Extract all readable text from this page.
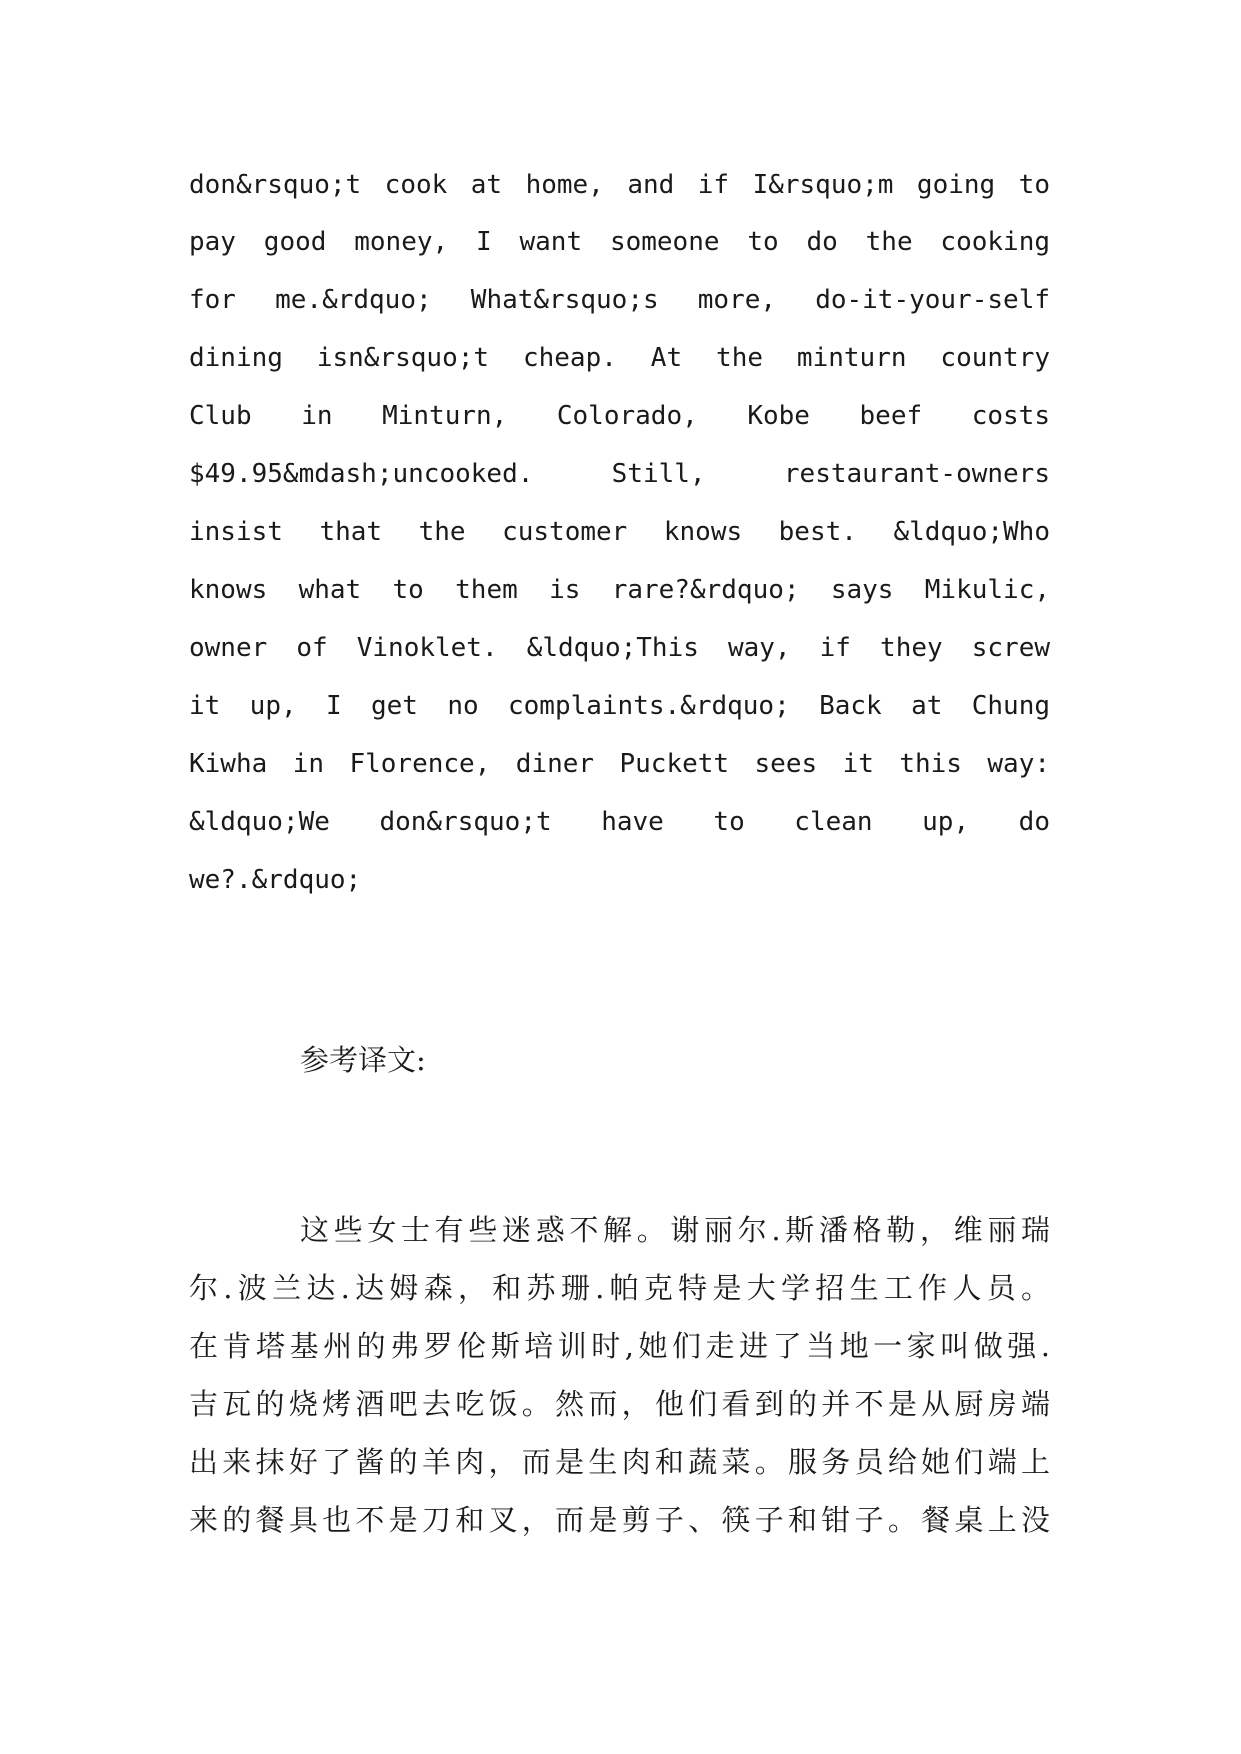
don&rsquo;t cook at home, and if I&rsquo;m going to
pay good money, I want someone to do the cooking
for me.&rdquo; What&rsquo;s more, do-it-your-self
dining isn&rsquo;t cheap. At the minturn country
Club in Minturn, Colorado, Kobe beef costs
$49.95&mdash;uncooked. Still, restaurant-owners
insist that the customer knows best. &ldquo;Who
knows what to them is rare?&rdquo; says Mikulic,
owner of Vinoklet. &ldquo;This way, if they screw
it up, I get no complaints.&rdquo; Back at Chung
Kiwha in Florence, diner Puckett sees it this way:
&ldquo;We don&rsquo;t have to clean up, do
we?.&rdquo;
参考译文:
这些女士有些迷惑不解。谢丽尔.斯潘格勒，维丽瑞
尔.波兰达.达姆森，和苏珊.帕克特是大学招生工作人员。
在肯塔基州的弗罗伦斯培训时,她们走进了当地一家叫做强.
吉瓦的烧烤酒吧去吃饭。然而，他们看到的并不是从厨房端
出来抹好了酱的羊肉，而是生肉和蔬菜。服务员给她们端上
来的餐具也不是刀和叉，而是剪子、筷子和钳子。餐桌上没
